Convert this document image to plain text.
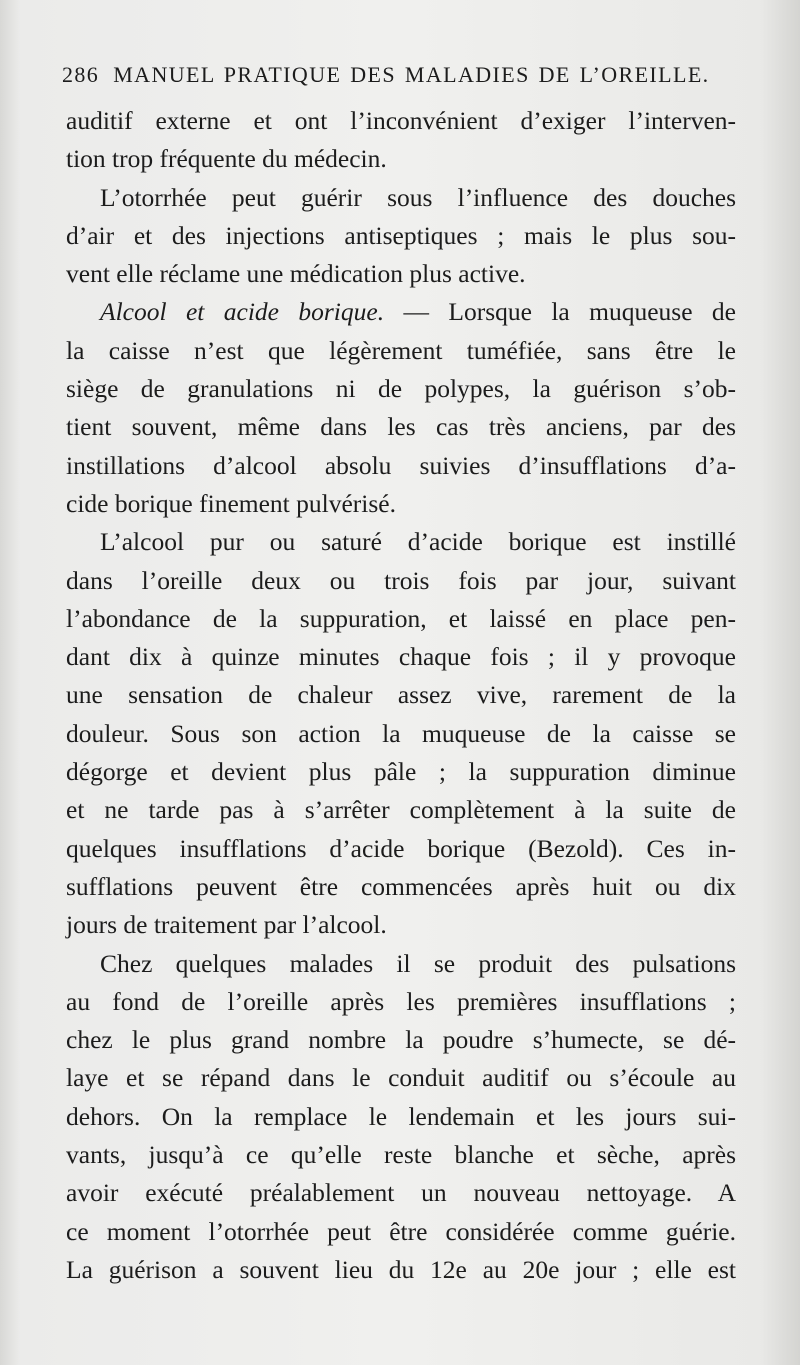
286 MANUEL PRATIQUE DES MALADIES DE L’OREILLE.
auditif externe et ont l’inconvénient d’exiger l’interven-
tion trop fréquente du médecin.
L’otorrhée peut guérir sous l’influence des douches
d’air et des injections antiseptiques ; mais le plus sou-
vent elle réclame une médication plus active.
Alcool et acide borique. — Lorsque la muqueuse de
la caisse n’est que légèrement tuméfiée, sans être le
siège de granulations ni de polypes, la guérison s’ob-
tient souvent, même dans les cas très anciens, par des
instillations d’alcool absolu suivies d’insufflations d’a-
cide borique finement pulvérisé.
L’alcool pur ou saturé d’acide borique est instillé
dans l’oreille deux ou trois fois par jour, suivant
l’abondance de la suppuration, et laissé en place pen-
dant dix à quinze minutes chaque fois ; il y provoque
une sensation de chaleur assez vive, rarement de la
douleur. Sous son action la muqueuse de la caisse se
dégorge et devient plus pâle ; la suppuration diminue
et ne tarde pas à s’arrêter complètement à la suite de
quelques insufflations d’acide borique (Bezold). Ces in-
sufflations peuvent être commencées après huit ou dix
jours de traitement par l’alcool.
Chez quelques malades il se produit des pulsations
au fond de l’oreille après les premières insufflations ;
chez le plus grand nombre la poudre s’humecte, se dé-
laye et se répand dans le conduit auditif ou s’écoule au
dehors. On la remplace le lendemain et les jours sui-
vants, jusqu’à ce qu’elle reste blanche et sèche, après
avoir exécuté préalablement un nouveau nettoyage. A
ce moment l’otorrhée peut être considérée comme guérie.
La guérison a souvent lieu du 12e au 20e jour ; elle est
